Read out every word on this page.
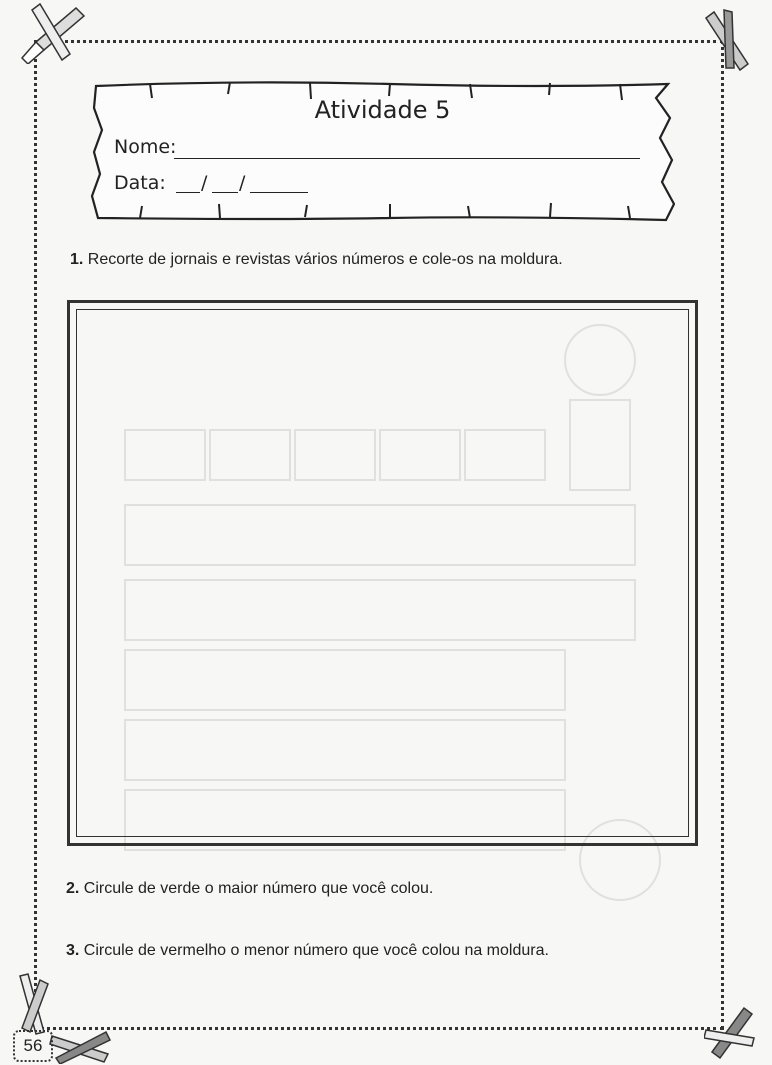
Atividade 5
Nome:
Data: / /
1. Recorte de jornais e revistas vários números e cole-os na moldura.
2. Circule de verde o maior número que você colou.
3. Circule de vermelho o menor número que você colou na moldura.
56
